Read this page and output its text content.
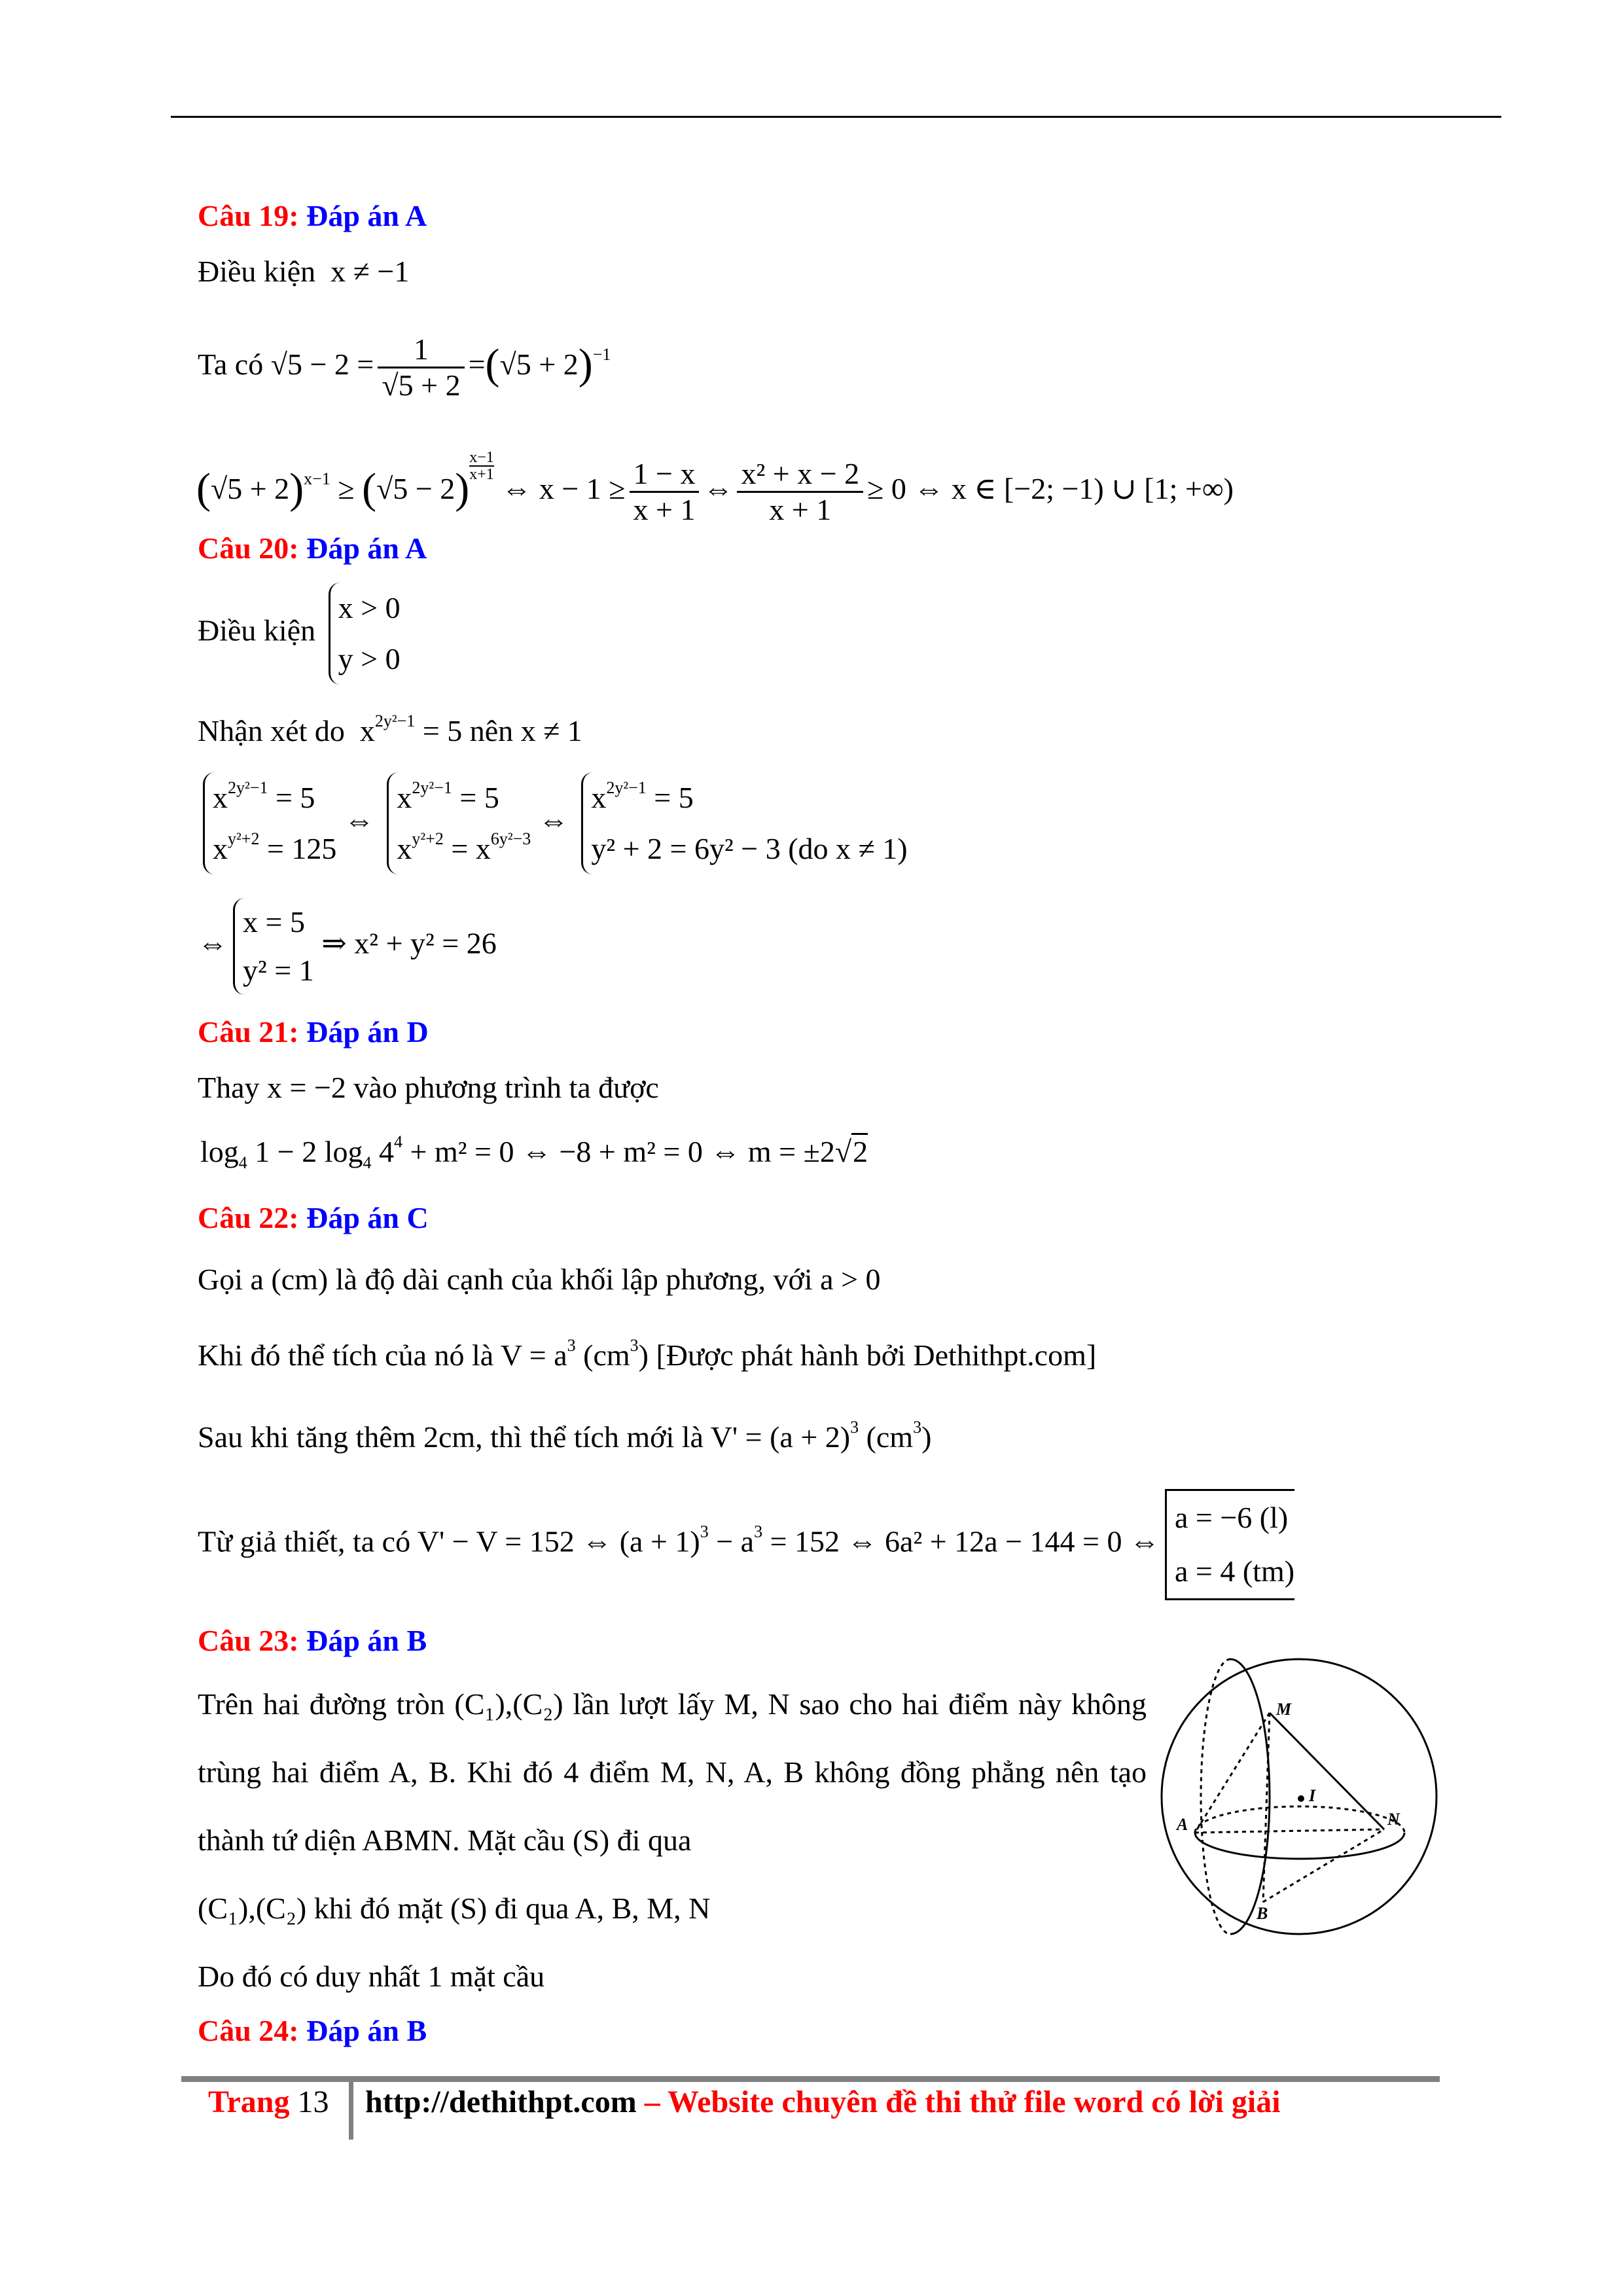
Câu 19: Đáp án A
Điều kiện x ≠ −1
Ta có $√5 - 2 = \frac{1}{√5 + 2} =(√5 + 2)^{-1}$
$(√5 + 2)^{x-1} \ge (√5 - 2)\frac{x-1}{x+1}$
⇔ $x - 1 \ge \frac{1 - x}{x + 1}$ ⇔ $\frac{\text{x² + x − 2}}{x + 1} \ge 0$ ⇔ x ∈ [−2; −1) ∪ [1; +∞)
Câu 20: Đáp án A
Điều kiện
x > 0
y > 0
Nhận xét do $x^{2y^2-1} = 5$ nên x ≠ 1
$x^{2y^2-1} = 5$
$x^{y^2+2} = 125$
⇔
$x^{2y^2-1} = 5$
$x^{y^2+2} = x^{6y^2-3}$
⇔
$x^{2y^2-1} = 5$
y² + 2 = 6y² − 3 (do x ≠ 1)
⇔
x = 5
y² = 1
⇒ x² + y² = 26
Câu 21: Đáp án D
Thay x = −2 vào phương trình ta được
$\log_4 1 - 2$ $\log_4 4^4 + m^2 = 0$ ⇔ −8 + m² = 0 ⇔ m = ±2√2
Câu 22: Đáp án C
Gọi a (cm) là độ dài cạnh của khối lập phương, với a > 0
Khi đó thể tích của nó là $V = a^3$ $(cm^3)$ [Được phát hành bởi Dethithpt.com]
Sau khi tăng thêm 2cm, thì thể tích mới là $V' = (a + 2)^3$ $(cm^3)$
Từ giả thiết, ta có V' − V = 152 ⇔ $(a + 1)^3 - a^3 = 152$ ⇔ 6a² + 12a − 144 = 0 ⇔
a = −6 (l)
a = 4 (tm)
Câu 23: Đáp án B
Trên hai đường tròn (C₁),(C₂) lần lượt lấy M, N sao cho hai điểm này không trùng hai điểm A, B. Khi đó 4 điểm M, N, A, B không đồng phẳng nên tạo thành tứ diện ABMN. Mặt cầu (S) đi qua
(C₁),(C₂) khi đó mặt (S) đi qua A, B, M, N
Do đó có duy nhất 1 mặt cầu
M
N
A
B
I
Câu 24: Đáp án B
Trang 13 http://dethithpt.com – Website chuyên đề thi thử file word có lời giải
